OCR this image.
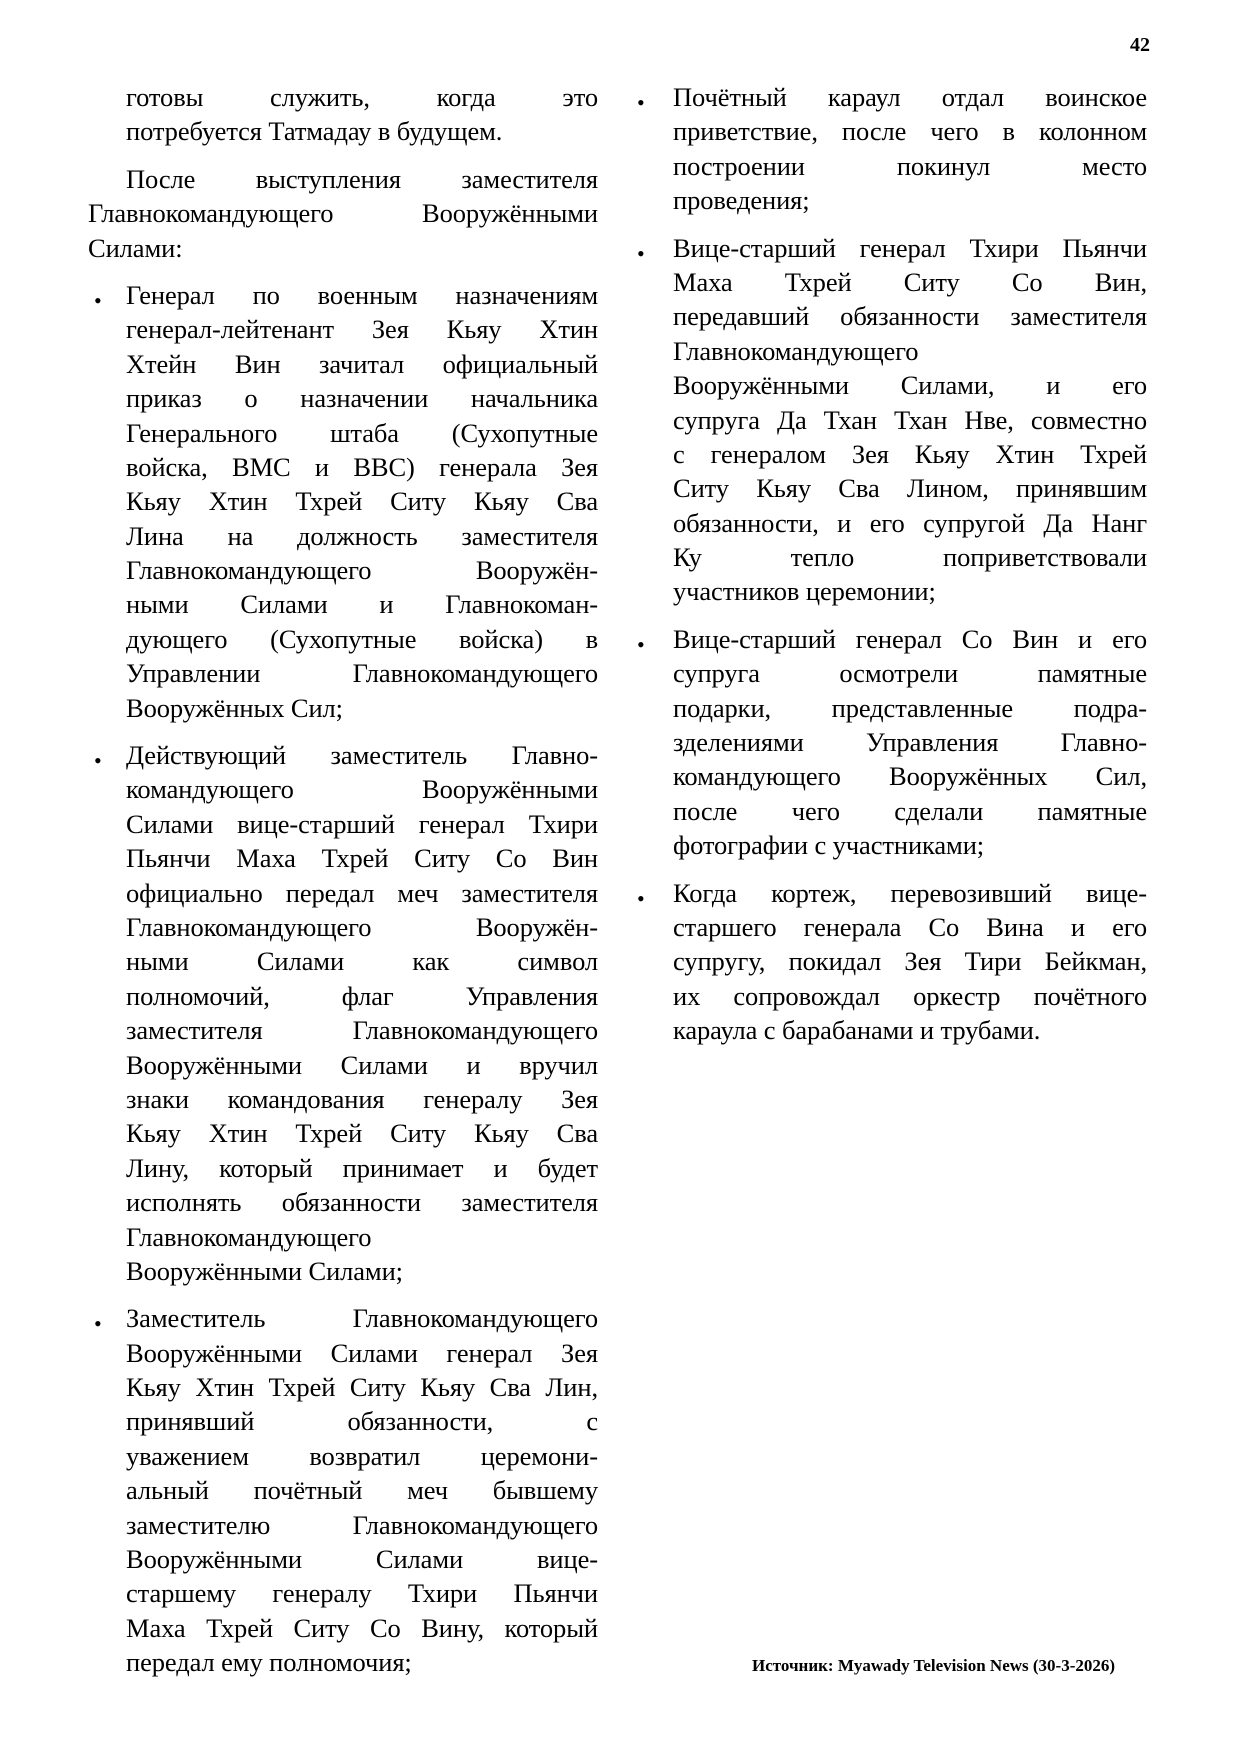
42
готовы служить, когда это
потребуется Татмадау в будущем.
После выступления заместителя
Главнокомандующего Вооружёнными
Силами:
• Генерал по военным назначениям
генерал-лейтенант Зея Кьяу Хтин
Хтейн Вин зачитал официальный
приказ о назначении начальника
Генерального штаба (Сухопутные
войска, ВМС и ВВС) генерала Зея
Кьяу Хтин Тхрей Ситу Кьяу Сва
Лина на должность заместителя
Главнокомандующего Вооружён-
ными Силами и Главнокоман-
дующего (Сухопутные войска) в
Управлении Главнокомандующего
Вооружённых Сил;
• Действующий заместитель Главно-
командующего Вооружёнными
Силами вице-старший генерал Тхири
Пьянчи Маха Тхрей Ситу Со Вин
официально передал меч заместителя
Главнокомандующего Вооружён-
ными Силами как символ
полномочий, флаг Управления
заместителя Главнокомандующего
Вооружёнными Силами и вручил
знаки командования генералу Зея
Кьяу Хтин Тхрей Ситу Кьяу Сва
Лину, который принимает и будет
исполнять обязанности заместителя
Главнокомандующего
Вооружёнными Силами;
• Заместитель Главнокомандующего
Вооружёнными Силами генерал Зея
Кьяу Хтин Тхрей Ситу Кьяу Сва Лин,
принявший обязанности, с
уважением возвратил церемони-
альный почётный меч бывшему
заместителю Главнокомандующего
Вооружёнными Силами вице-
старшему генералу Тхири Пьянчи
Маха Тхрей Ситу Со Вину, который
передал ему полномочия;
• Почётный караул отдал воинское
приветствие, после чего в колонном
построении покинул место
проведения;
• Вице-старший генерал Тхири Пьянчи
Маха Тхрей Ситу Со Вин,
передавший обязанности заместителя
Главнокомандующего
Вооружёнными Силами, и его
супруга Да Тхан Тхан Нве, совместно
с генералом Зея Кьяу Хтин Тхрей
Ситу Кьяу Сва Лином, принявшим
обязанности, и его супругой Да Нанг
Ку тепло поприветствовали
участников церемонии;
• Вице-старший генерал Со Вин и его
супруга осмотрели памятные
подарки, представленные подра-
зделениями Управления Главно-
командующего Вооружённых Сил,
после чего сделали памятные
фотографии с участниками;
• Когда кортеж, перевозивший вице-
старшего генерала Со Вина и его
супругу, покидал Зея Тири Бейкман,
их сопровождал оркестр почётного
караула с барабанами и трубами.
Источник: Myawady Television News (30-3-2026)
